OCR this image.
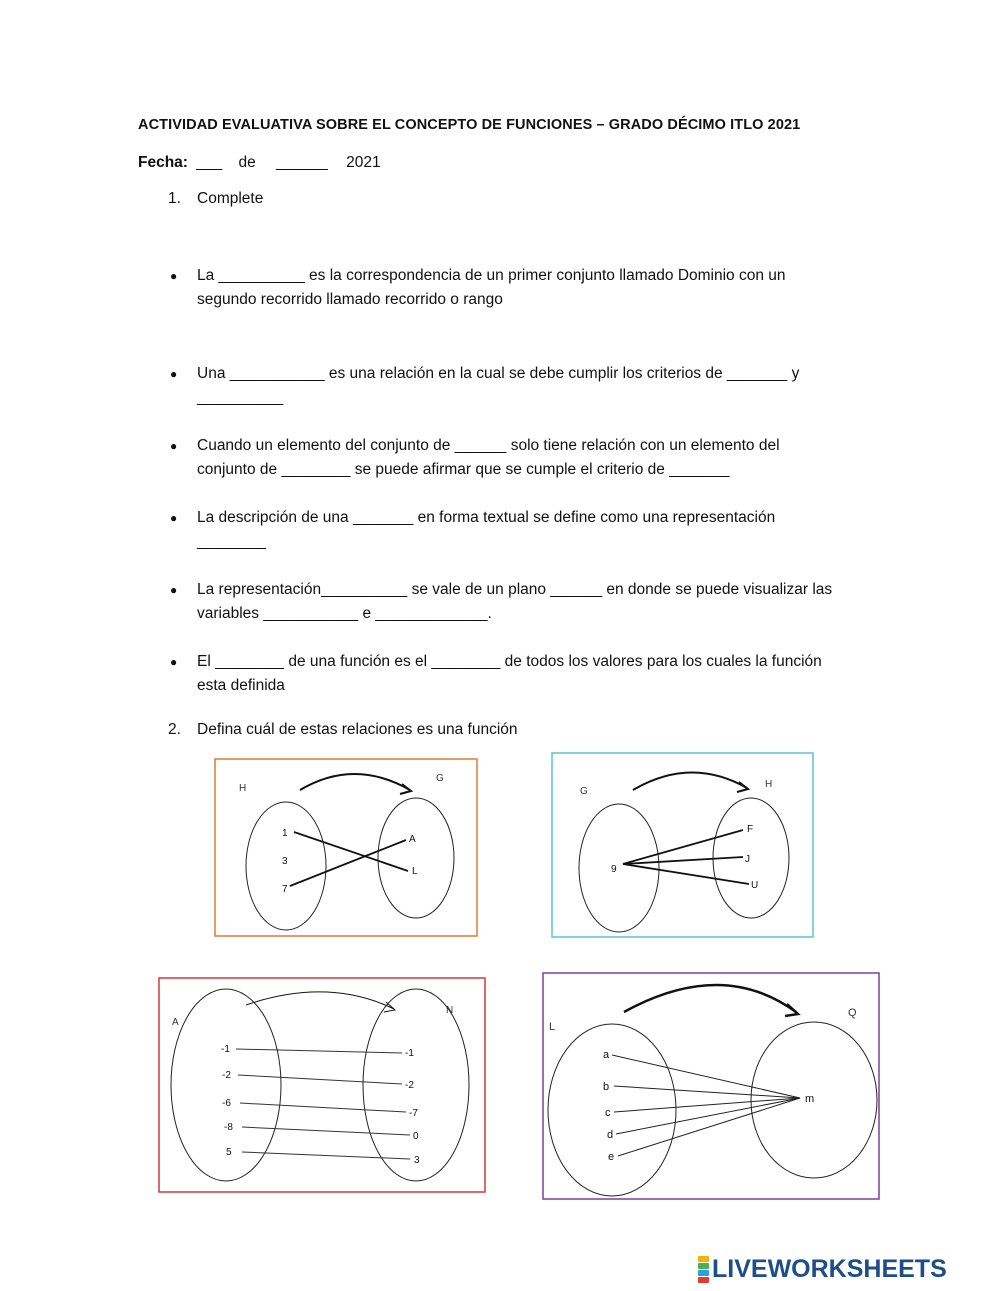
ACTIVIDAD EVALUATIVA SOBRE EL CONCEPTO DE FUNCIONES – GRADO DÉCIMO ITLO 2021
Fecha: ___ de ______ 2021
1. Complete
● La __________ es la correspondencia de un primer conjunto llamado Dominio con un
segundo recorrido llamado recorrido o rango
● Una ___________ es una relación en la cual se debe cumplir los criterios de _______ y
__________
● Cuando un elemento del conjunto de ______ solo tiene relación con un elemento del
conjunto de ________ se puede afirmar que se cumple el criterio de _______
● La descripción de una _______ en forma textual se define como una representación
________
● La representación__________ se vale de un plano ______ en donde se puede visualizar las
variables ___________ e _____________.
● El ________ de una función es el ________ de todos los valores para los cuales la función
esta definida
2. Defina cuál de estas relaciones es una función
H
G
1
3
7
A
L
G
H
9
F
J
U
A
N
-1
-2
-6
-8
5
-1
-2
-7
0
3
L
Q
a
b
c
d
e
m
LIVEWORKSHEETS
